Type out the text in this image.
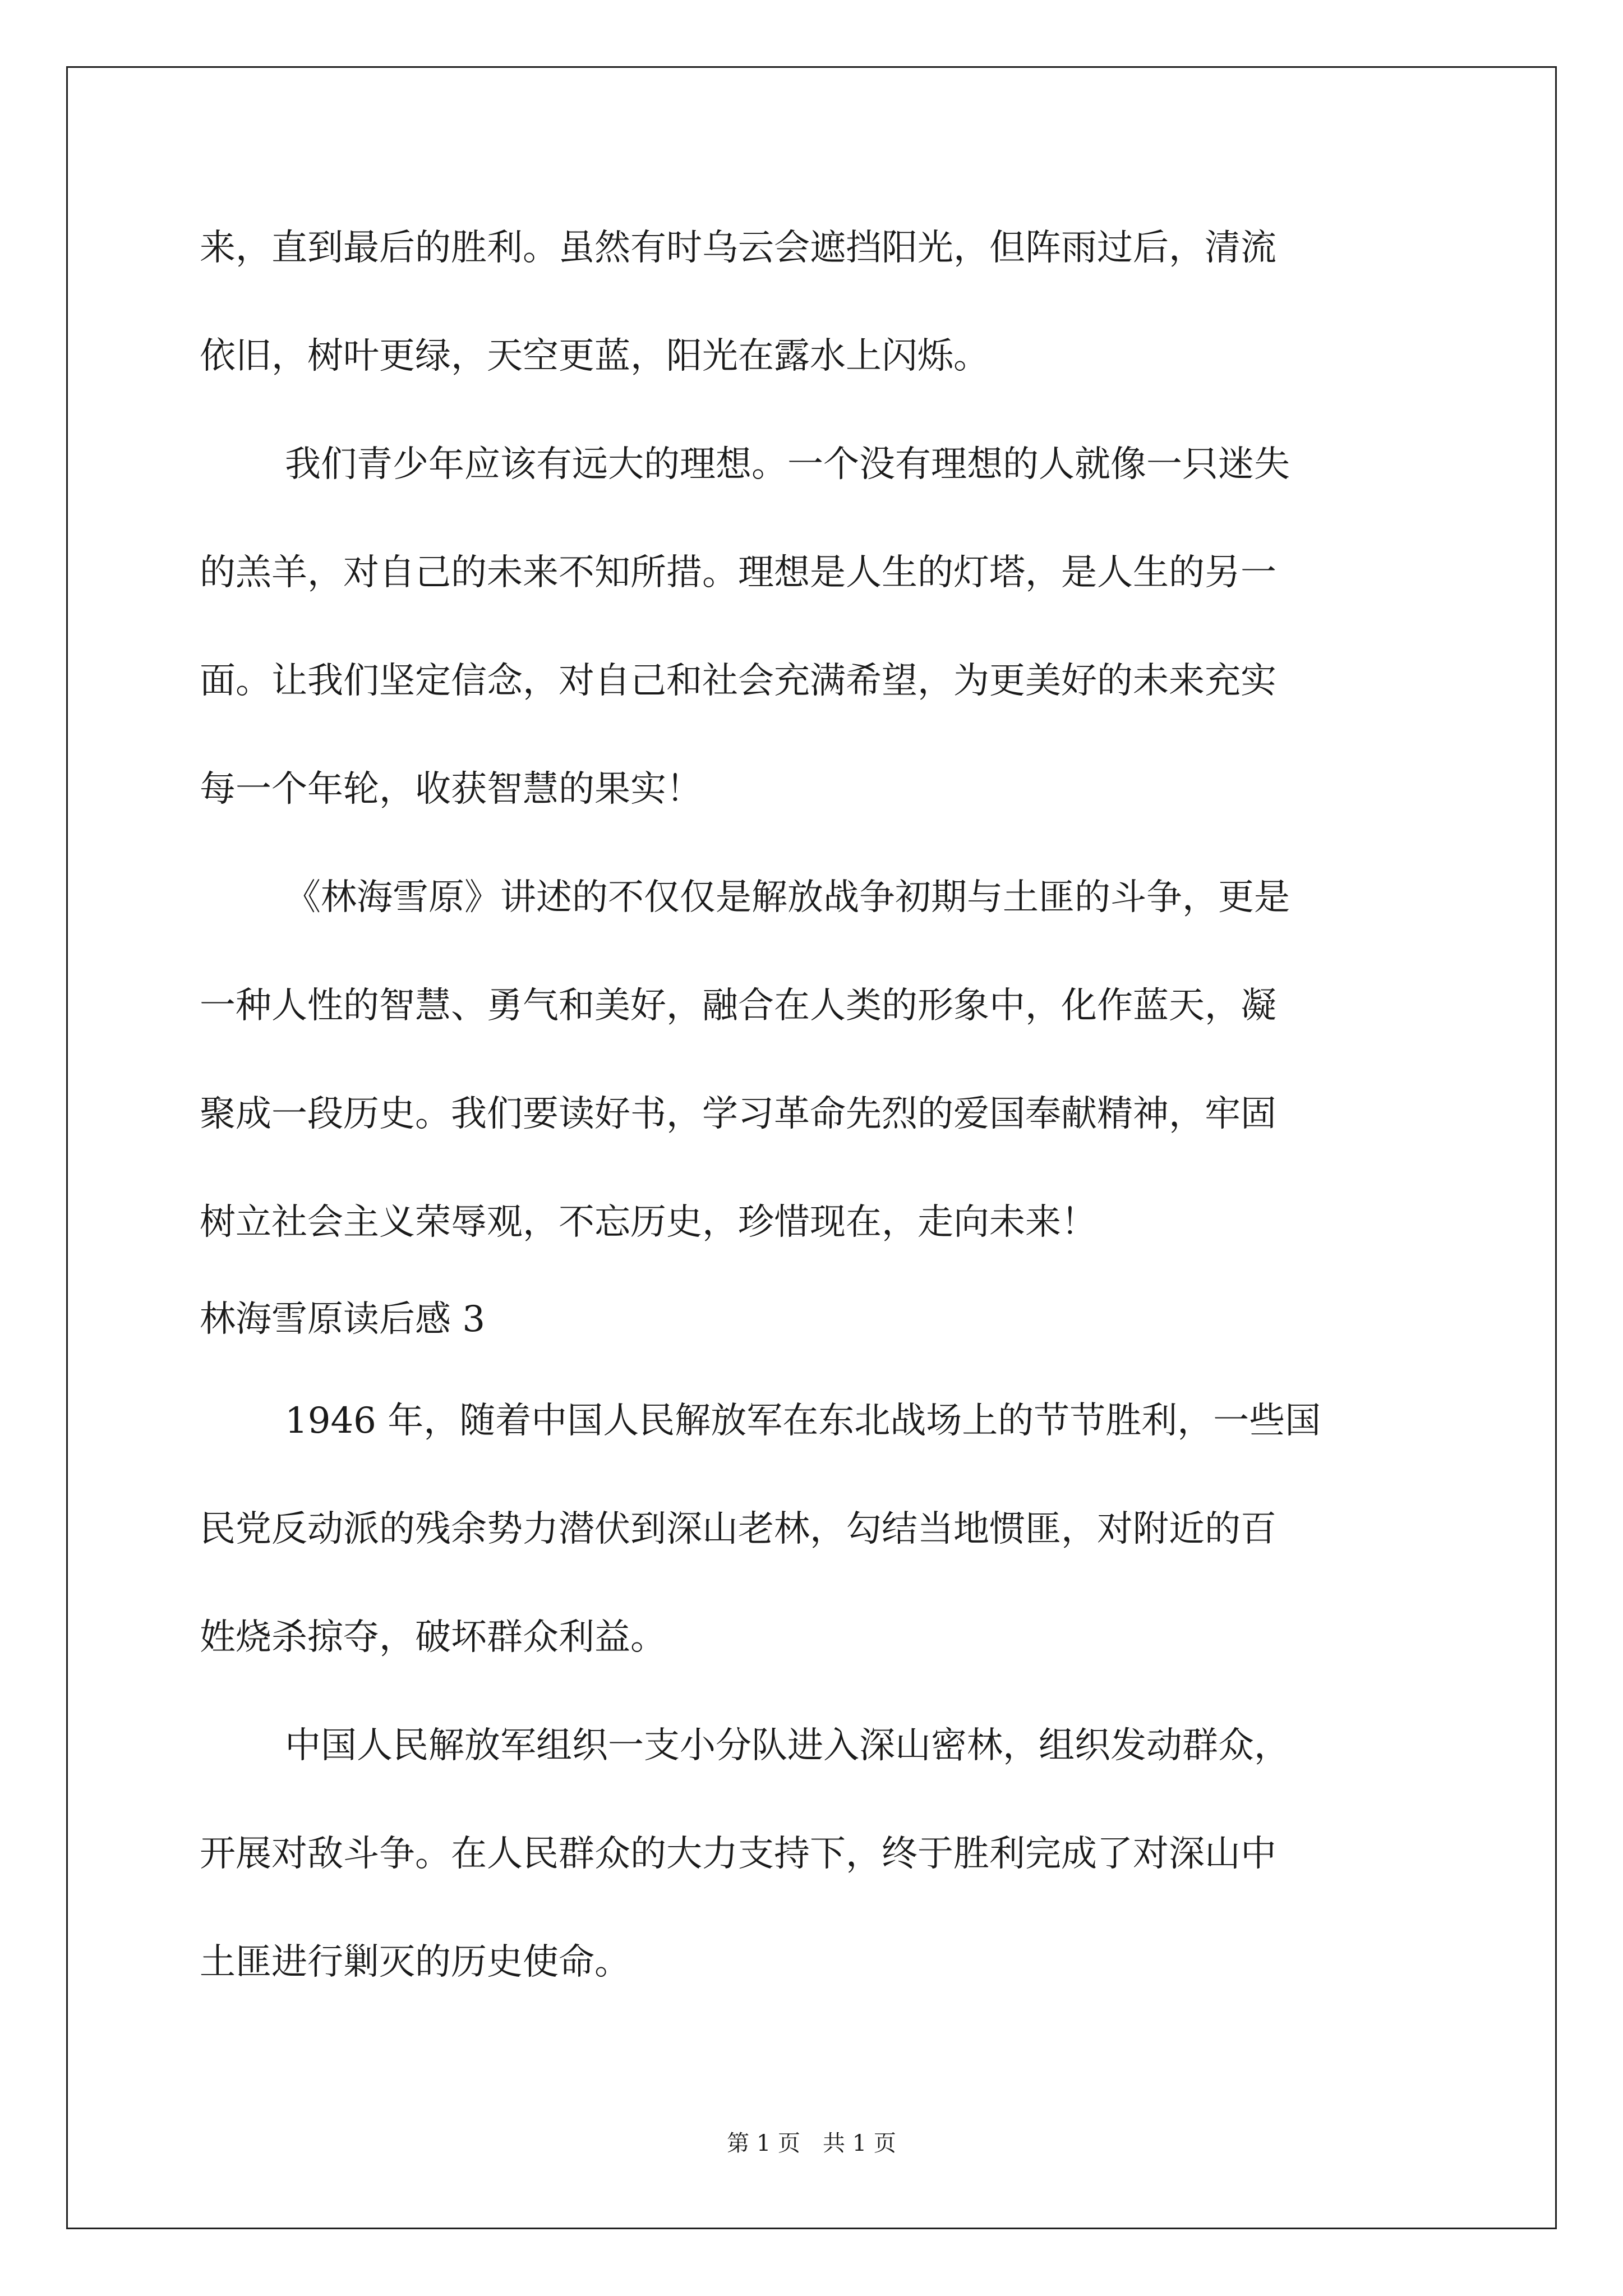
来，直到最后的胜利。虽然有时乌云会遮挡阳光，但阵雨过后，清流
依旧，树叶更绿，天空更蓝，阳光在露水上闪烁。
我们青少年应该有远大的理想。一个没有理想的人就像一只迷失
的羔羊，对自己的未来不知所措。理想是人生的灯塔，是人生的另一
面。让我们坚定信念，对自己和社会充满希望，为更美好的未来充实
每一个年轮，收获智慧的果实！
《林海雪原》讲述的不仅仅是解放战争初期与土匪的斗争，更是
一种人性的智慧、勇气和美好，融合在人类的形象中，化作蓝天，凝
聚成一段历史。我们要读好书，学习革命先烈的爱国奉献精神，牢固
树立社会主义荣辱观，不忘历史，珍惜现在，走向未来！
林海雪原读后感 3
1946 年，随着中国人民解放军在东北战场上的节节胜利，一些国
民党反动派的残余势力潜伏到深山老林，勾结当地惯匪，对附近的百
姓烧杀掠夺，破坏群众利益。
中国人民解放军组织一支小分队进入深山密林，组织发动群众，
开展对敌斗争。在人民群众的大力支持下，终于胜利完成了对深山中
土匪进行剿灭的历史使命。
第 1 页　共 1 页
